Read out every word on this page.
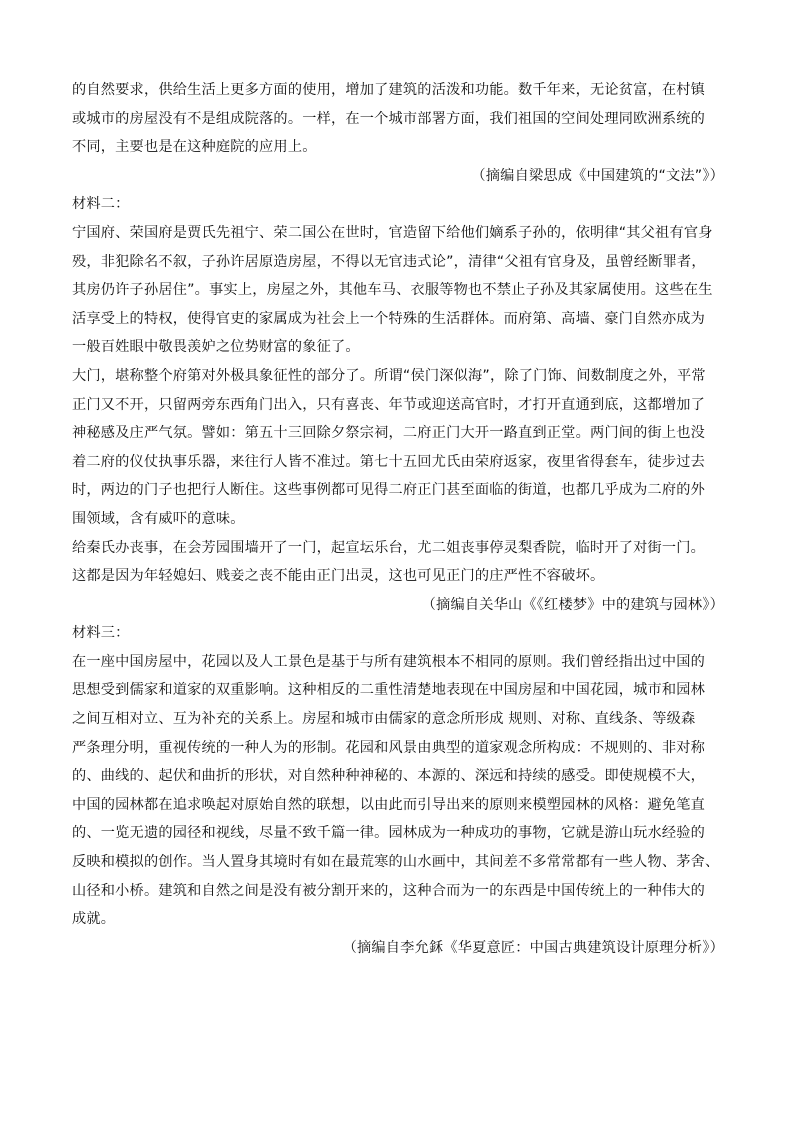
的自然要求，供给生活上更多方面的使用，增加了建筑的活泼和功能。数千年来，无论贫富，在村镇
或城市的房屋没有不是组成院落的。一样，在一个城市部署方面，我们祖国的空间处理同欧洲系统的
不同，主要也是在这种庭院的应用上。
（摘编自梁思成《中国建筑的“文法”》）
材料二：
宁国府、荣国府是贾氏先祖宁、荣二国公在世时，官造留下给他们嫡系子孙的，依明律“其父祖有官身
殁，非犯除名不叙，子孙许居原造房屋，不得以无官违式论”，清律“父祖有官身及，虽曾经断罪者，
其房仍许子孙居住”。事实上，房屋之外，其他车马、衣服等物也不禁止子孙及其家属使用。这些在生
活享受上的特权，使得官吏的家属成为社会上一个特殊的生活群体。而府第、高墙、豪门自然亦成为
一般百姓眼中敬畏羡妒之位势财富的象征了。
大门，堪称整个府第对外极具象征性的部分了。所谓“侯门深似海”，除了门饰、间数制度之外，平常
正门又不开，只留两旁东西角门出入，只有喜丧、年节或迎送高官时，才打开直通到底，这都增加了
神秘感及庄严气氛。譬如：第五十三回除夕祭宗祠，二府正门大开一路直到正堂。两门间的街上也没
着二府的仪仗执事乐器，来往行人皆不准过。第七十五回尤氏由荣府返家，夜里省得套车，徒步过去
时，两边的门子也把行人断住。这些事例都可见得二府正门甚至面临的街道，也都几乎成为二府的外
围领域，含有威吓的意味。
给秦氏办丧事，在会芳园围墙开了一门，起宣坛乐台，尤二姐丧事停灵梨香院，临时开了对街一门。
这都是因为年轻媳妇、贱妾之丧不能由正门出灵，这也可见正门的庄严性不容破坏。
（摘编自关华山《《红楼梦》中的建筑与园林》）
材料三：
在一座中国房屋中，花园以及人工景色是基于与所有建筑根本不相同的原则。我们曾经指出过中国的
思想受到儒家和道家的双重影响。这种相反的二重性清楚地表现在中国房屋和中国花园，城市和园林
之间互相对立、互为补充的关系上。房屋和城市由儒家的意念所形成 规则、对称、直线条、等级森
严条理分明，重视传统的一种人为的形制。花园和风景由典型的道家观念所构成：不规则的、非对称
的、曲线的、起伏和曲折的形状，对自然种种神秘的、本源的、深远和持续的感受。即使规模不大，
中国的园林都在追求唤起对原始自然的联想，以由此而引导出来的原则来模塑园林的风格：避免笔直
的、一览无遗的园径和视线，尽量不致千篇一律。园林成为一种成功的事物，它就是游山玩水经验的
反映和模拟的创作。当人置身其境时有如在最荒寒的山水画中，其间差不多常常都有一些人物、茅舍、
山径和小桥。建筑和自然之间是没有被分割开来的，这种合而为一的东西是中国传统上的一种伟大的
成就。
（摘编自李允鉌《华夏意匠：中国古典建筑设计原理分析》）
